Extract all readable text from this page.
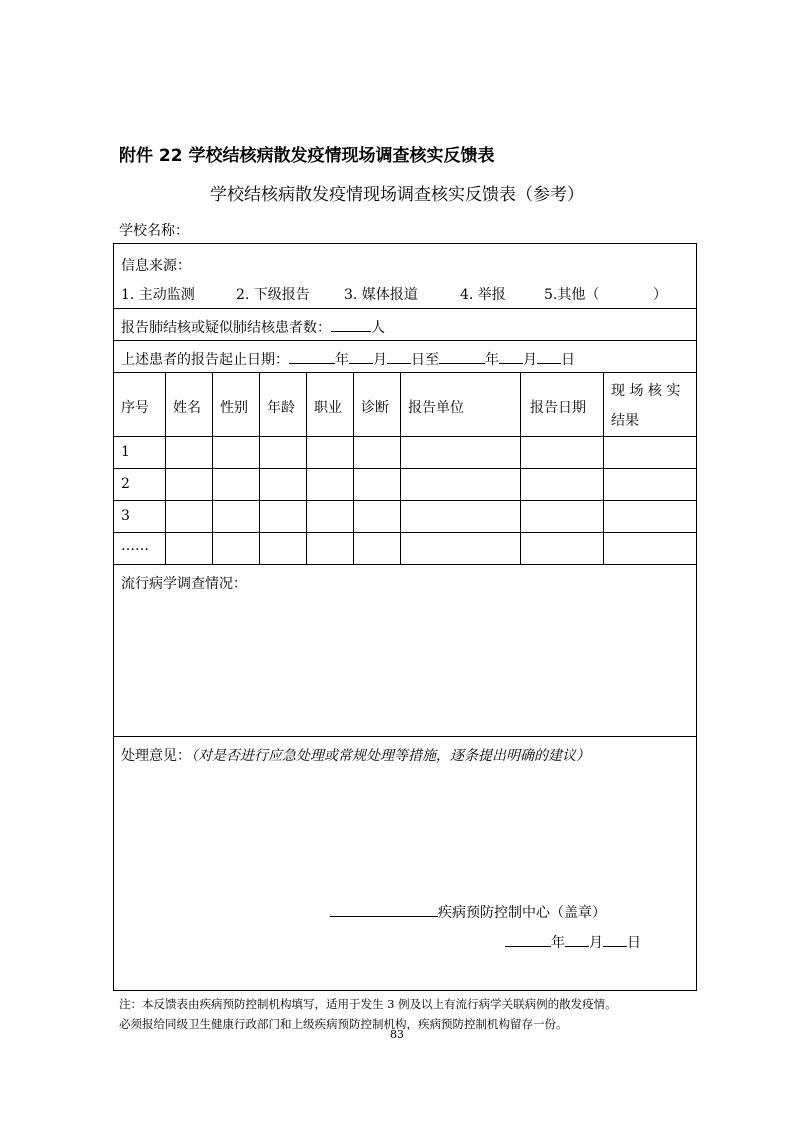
附件 22 学校结核病散发疫情现场调查核实反馈表
学校结核病散发疫情现场调查核实反馈表（参考）
学校名称：
信息来源：
1. 主动监测	2. 下级报告 3. 媒体报道	4. 举报	5.其他（	）
报告肺结核或疑似肺结核患者数：	人
上述患者的报告起止日期：	年 月 日至	年 月 日
序号 姓名 性别 年龄 职业 诊断 报告单位	报告日期
现 场 核 实
结果
1
2
3
……
流行病学调查情况：
处理意见：（对是否进行应急处理或常规处理等措施，逐条提出明确的建议）
疾病预防控制中心（盖章）
年 月 日
注：本反馈表由疾病预防控制机构填写，适用于发生 3 例及以上有流行病学关联病例的散发疫情。
必须报给同级卫生健康行政部门和上级疾病预防控制机构，疾病预防控制机构留存一份。
83
